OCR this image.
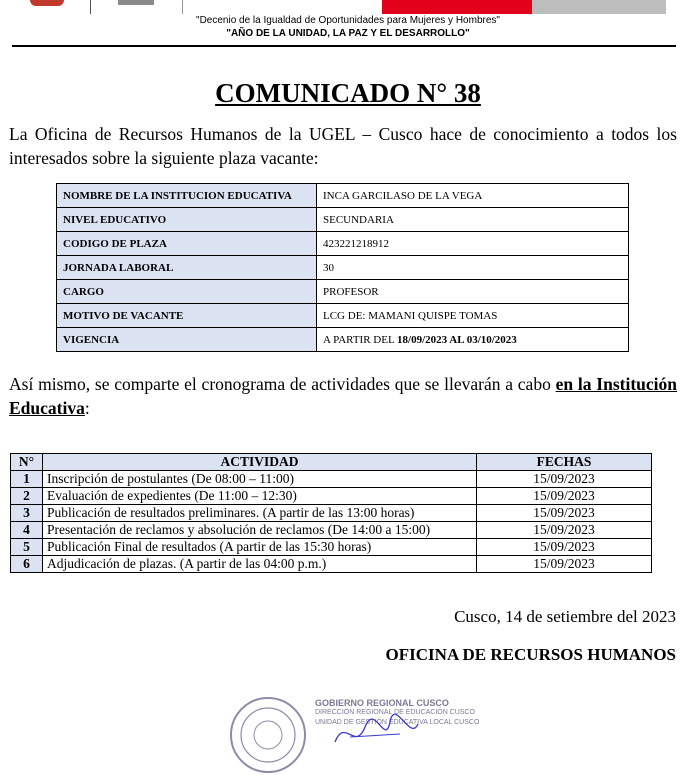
"Decenio de la Igualdad de Oportunidades para Mujeres y Hombres"
"AÑO DE LA UNIDAD, LA PAZ Y EL DESARROLLO"
COMUNICADO N° 38
La Oficina de Recursos Humanos de la UGEL – Cusco hace de conocimiento a todos los interesados sobre la siguiente plaza vacante:
NOMBRE DE LA INSTITUCION EDUCATIVA	INCA GARCILASO DE LA VEGA
NIVEL EDUCATIVO	SECUNDARIA
CODIGO DE PLAZA	423221218912
JORNADA LABORAL	30
CARGO	PROFESOR
MOTIVO DE VACANTE	LCG DE: MAMANI QUISPE TOMAS
VIGENCIA	A PARTIR DEL 18/09/2023 AL 03/10/2023
Así mismo, se comparte el cronograma de actividades que se llevarán a cabo en la Institución Educativa:
N°	ACTIVIDAD	FECHAS
1	Inscripción de postulantes (De 08:00 – 11:00)	15/09/2023
2	Evaluación de expedientes (De 11:00 – 12:30)	15/09/2023
3	Publicación de resultados preliminares. (A partir de las 13:00 horas)	15/09/2023
4	Presentación de reclamos y absolución de reclamos (De 14:00 a 15:00)	15/09/2023
5	Publicación Final de resultados (A partir de las 15:30 horas)	15/09/2023
6	Adjudicación de plazas. (A partir de las 04:00 p.m.)	15/09/2023
Cusco, 14 de setiembre del 2023
OFICINA DE RECURSOS HUMANOS
GOBIERNO REGIONAL CUSCO
DIRECCIÓN REGIONAL DE EDUCACIÓN CUSCO
UNIDAD DE GESTIÓN EDUCATIVA LOCAL CUSCO
